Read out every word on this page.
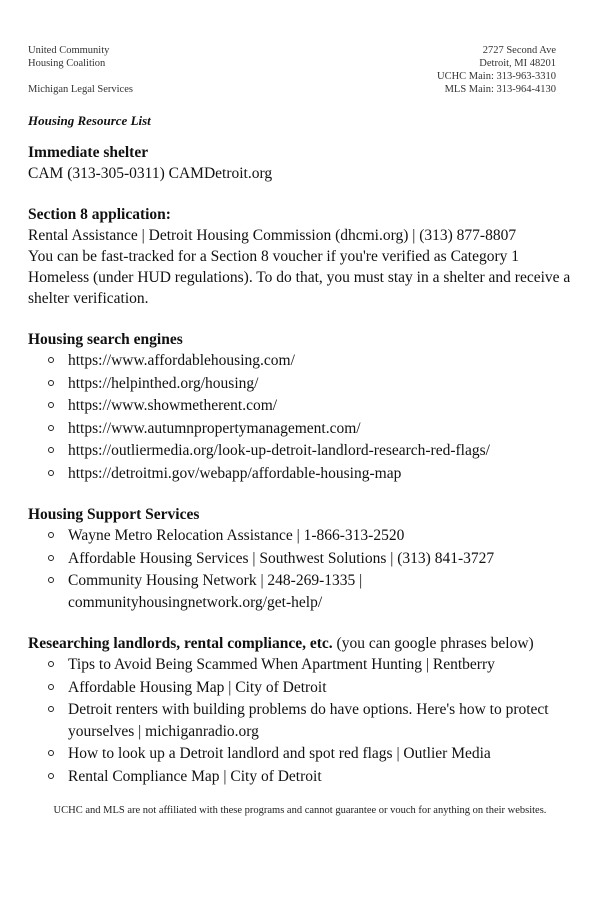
United Community
Housing Coalition
Michigan Legal Services
2727 Second Ave
Detroit, MI 48201
UCHC Main: 313-963-3310
MLS Main: 313-964-4130
Housing Resource List
Immediate shelter
CAM (313-305-0311) CAMDetroit.org
Section 8 application:
Rental Assistance | Detroit Housing Commission (dhcmi.org) | (313) 877-8807
You can be fast-tracked for a Section 8 voucher if you're verified as Category 1 Homeless (under HUD regulations). To do that, you must stay in a shelter and receive a shelter verification.
Housing search engines
https://www.affordablehousing.com/
https://helpinthed.org/housing/
https://www.showmetherent.com/
https://www.autumnpropertymanagement.com/
https://outliermedia.org/look-up-detroit-landlord-research-red-flags/
https://detroitmi.gov/webapp/affordable-housing-map
Housing Support Services
Wayne Metro Relocation Assistance | 1-866-313-2520
Affordable Housing Services | Southwest Solutions | (313) 841-3727
Community Housing Network | 248-269-1335 | communityhousingnetwork.org/get-help/
Researching landlords, rental compliance, etc. (you can google phrases below)
Tips to Avoid Being Scammed When Apartment Hunting | Rentberry
Affordable Housing Map | City of Detroit
Detroit renters with building problems do have options. Here's how to protect yourselves | michiganradio.org
How to look up a Detroit landlord and spot red flags | Outlier Media
Rental Compliance Map | City of Detroit
UCHC and MLS are not affiliated with these programs and cannot guarantee or vouch for anything on their websites.
